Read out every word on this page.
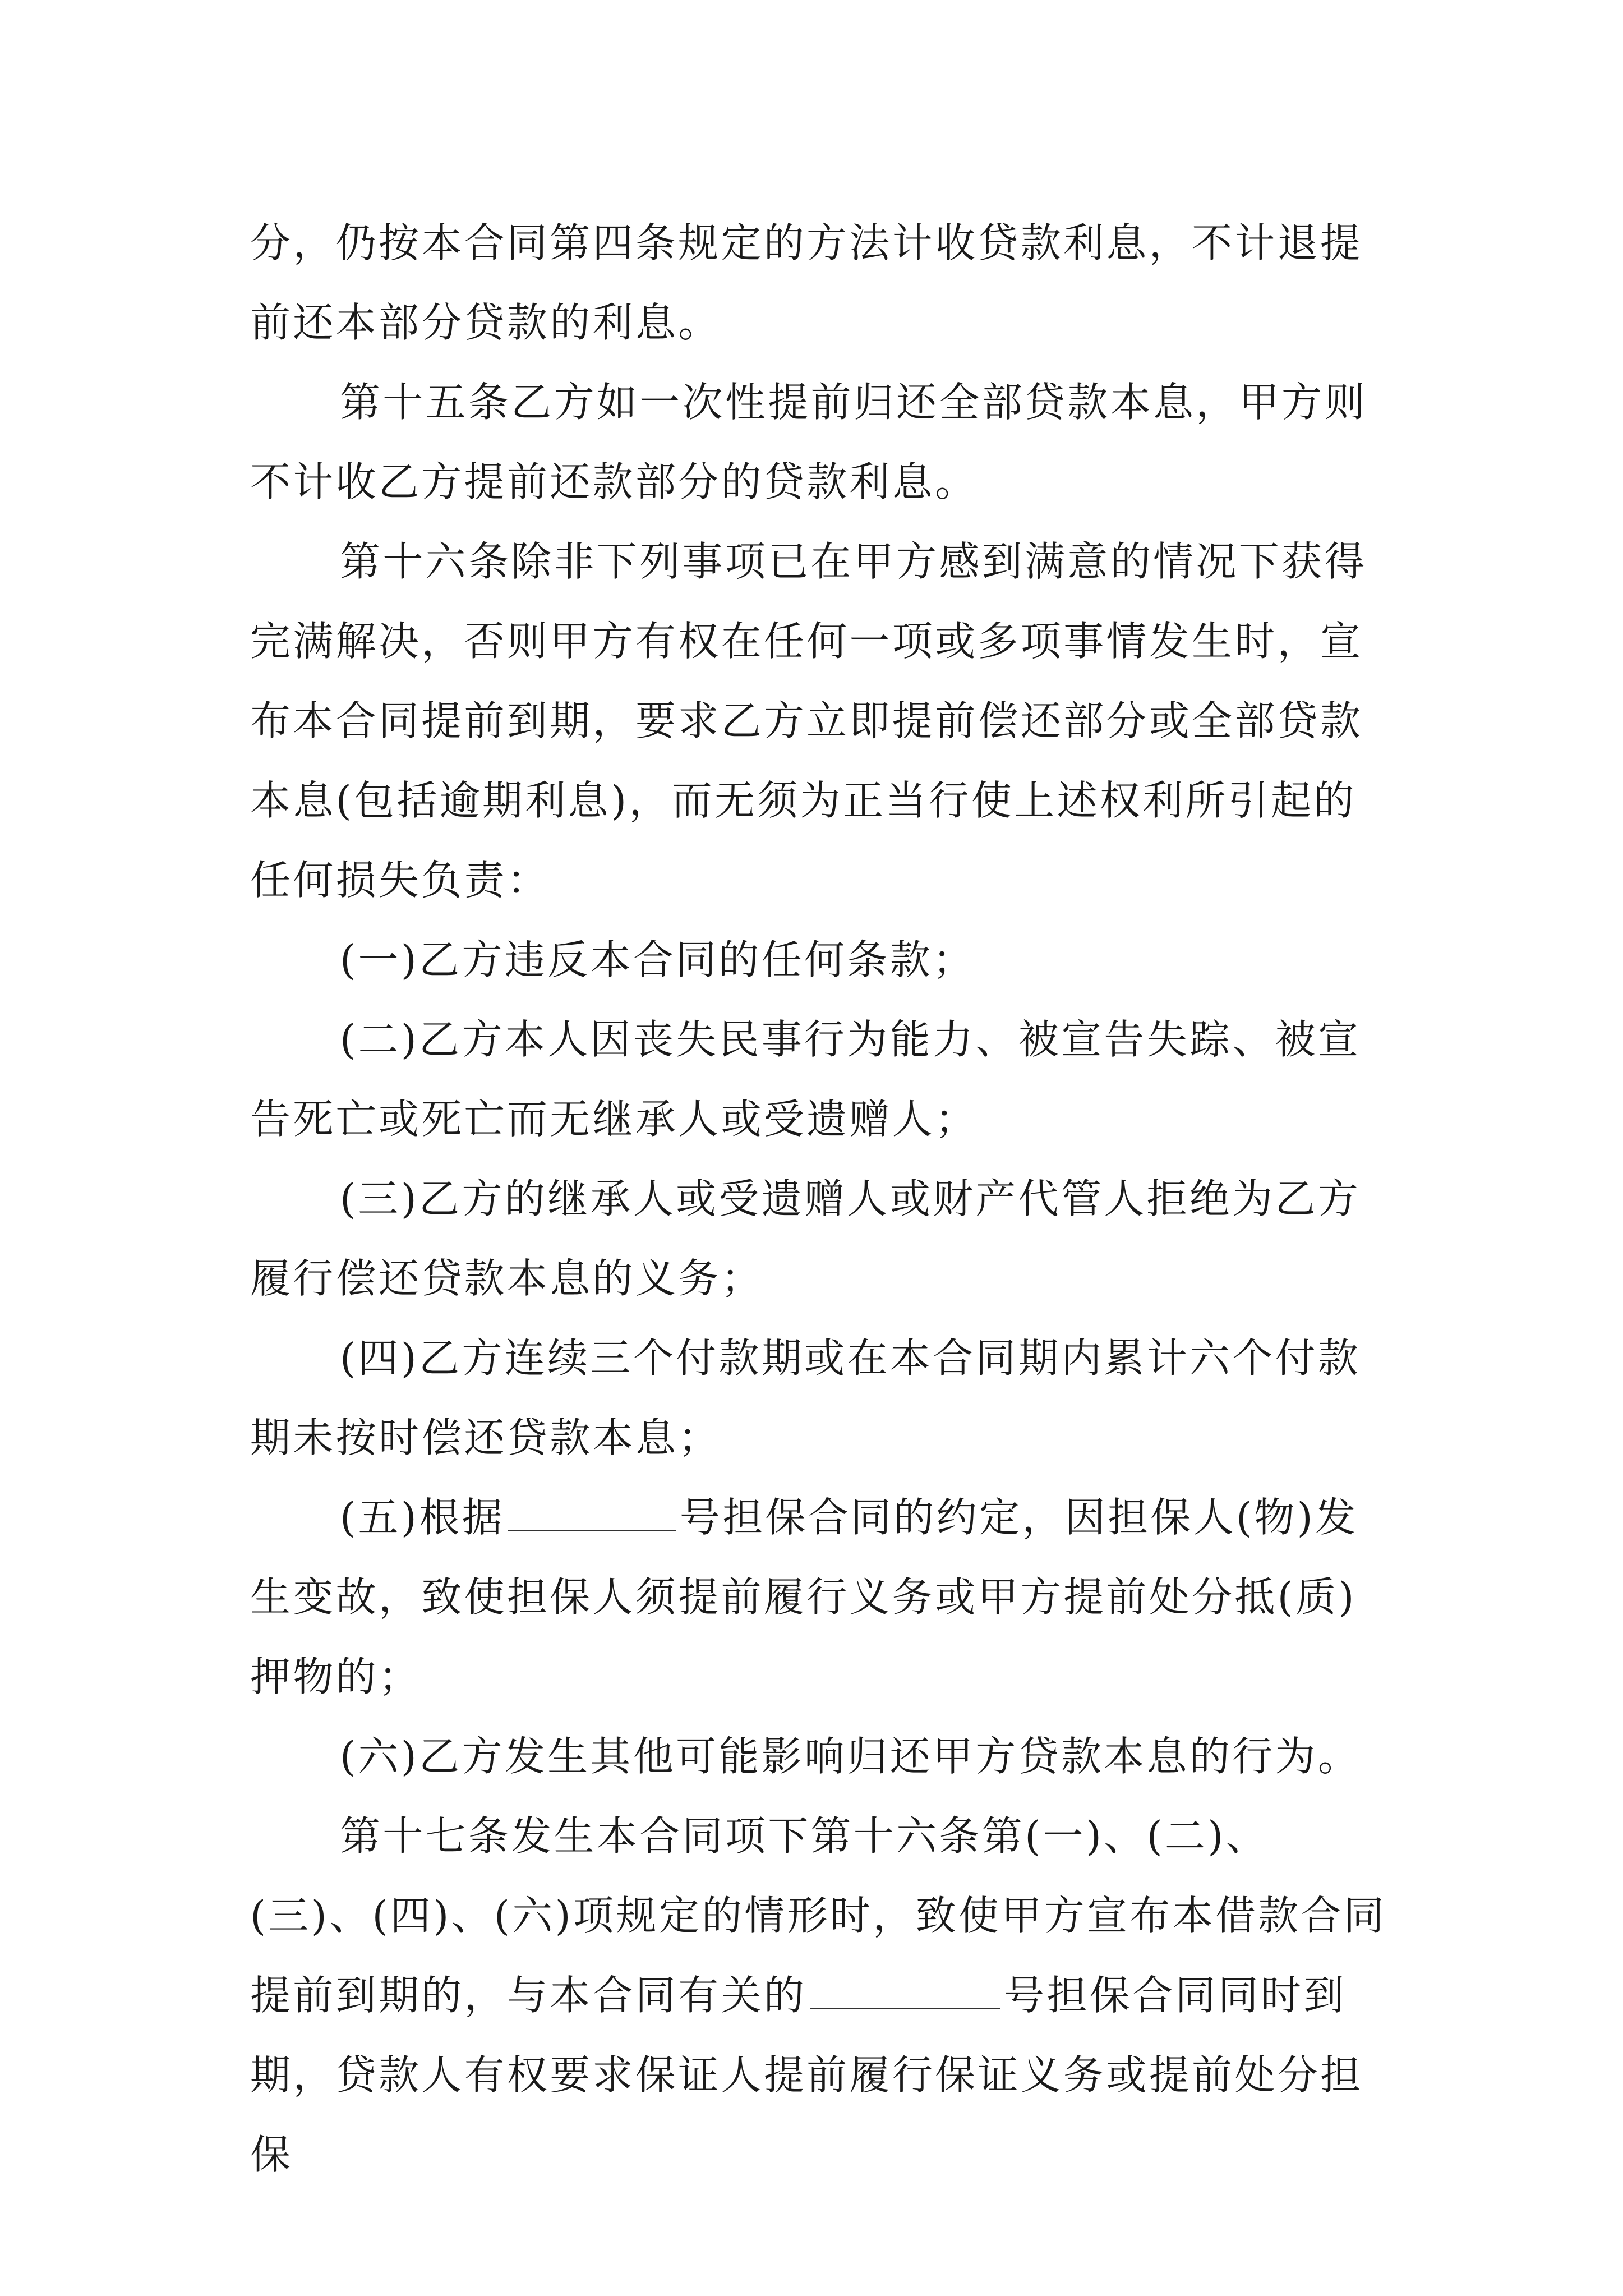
分，仍按本合同第四条规定的方法计收贷款利息，不计退提前还本部分贷款的利息。

第十五条乙方如一次性提前归还全部贷款本息，甲方则不计收乙方提前还款部分的贷款利息。

第十六条除非下列事项已在甲方感到满意的情况下获得完满解决，否则甲方有权在任何一项或多项事情发生时，宣布本合同提前到期，要求乙方立即提前偿还部分或全部贷款本息(包括逾期利息)，而无须为正当行使上述权利所引起的任何损失负责：

(一)乙方违反本合同的任何条款；

(二)乙方本人因丧失民事行为能力、被宣告失踪、被宣告死亡或死亡而无继承人或受遗赠人；

(三)乙方的继承人或受遗赠人或财产代管人拒绝为乙方履行偿还贷款本息的义务；

(四)乙方连续三个付款期或在本合同期内累计六个付款期未按时偿还贷款本息；

(五)根据	号担保合同的约定，因担保人(物)发生变故，致使担保人须提前履行义务或甲方提前处分抵(质)押物的；

(六)乙方发生其他可能影响归还甲方贷款本息的行为。

第十七条发生本合同项下第十六条第(一)、(二)、(三)、(四)、(六)项规定的情形时，致使甲方宣布本借款合同提前到期的，与本合同有关的	号担保合同同时到期，贷款人有权要求保证人提前履行保证义务或提前处分担保
